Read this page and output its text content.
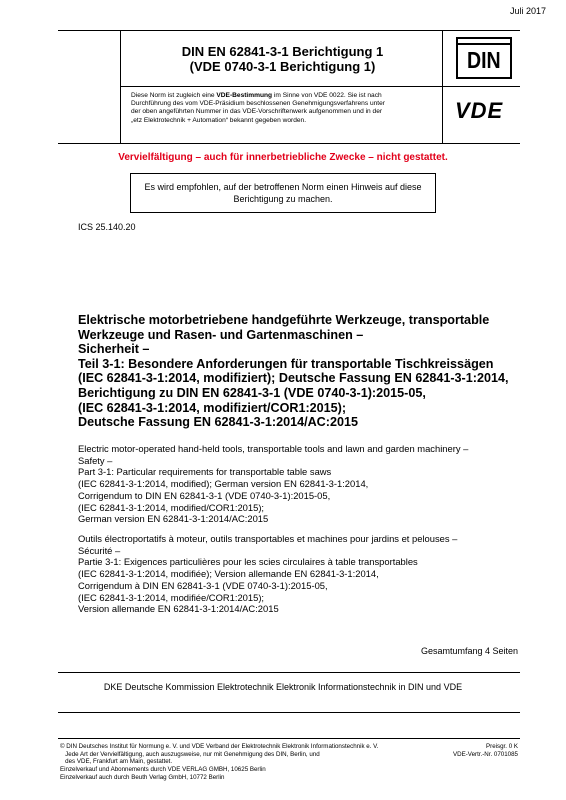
Juli 2017
DIN EN 62841-3-1 Berichtigung 1
(VDE 0740-3-1 Berichtigung 1)	DIN
Diese Norm ist zugleich eine VDE-Bestimmung im Sinne von VDE 0022. Sie ist nach
Durchführung des vom VDE-Präsidium beschlossenen Genehmigungsverfahrens unter
der oben angeführten Nummer in das VDE-Vorschriftenwerk aufgenommen und in der
„etz Elektrotechnik + Automation“ bekannt gegeben worden.	VDE
Vervielfältigung – auch für innerbetriebliche Zwecke – nicht gestattet.
Es wird empfohlen, auf der betroffenen Norm einen Hinweis auf diese
Berichtigung zu machen.
ICS 25.140.20
Elektrische motorbetriebene handgeführte Werkzeuge, transportable
Werkzeuge und Rasen- und Gartenmaschinen –
Sicherheit –
Teil 3-1: Besondere Anforderungen für transportable Tischkreissägen
(IEC 62841-3-1:2014, modifiziert); Deutsche Fassung EN 62841-3-1:2014,
Berichtigung zu DIN EN 62841-3-1 (VDE 0740-3-1):2015-05,
(IEC 62841-3-1:2014, modifiziert/COR1:2015);
Deutsche Fassung EN 62841-3-1:2014/AC:2015
Electric motor-operated hand-held tools, transportable tools and lawn and garden machinery –
Safety –
Part 3-1: Particular requirements for transportable table saws
(IEC 62841-3-1:2014, modified); German version EN 62841-3-1:2014,
Corrigendum to DIN EN 62841-3-1 (VDE 0740-3-1):2015-05,
(IEC 62841-3-1:2014, modified/COR1:2015);
German version EN 62841-3-1:2014/AC:2015
Outils électroportatifs à moteur, outils transportables et machines pour jardins et pelouses –
Sécurité –
Partie 3-1: Exigences particulières pour les scies circulaires à table transportables
(IEC 62841-3-1:2014, modifiée); Version allemande EN 62841-3-1:2014,
Corrigendum à DIN EN 62841-3-1 (VDE 0740-3-1):2015-05,
(IEC 62841-3-1:2014, modifiée/COR1:2015);
Version allemande EN 62841-3-1:2014/AC:2015
Gesamtumfang 4 Seiten
DKE Deutsche Kommission Elektrotechnik Elektronik Informationstechnik in DIN und VDE
© DIN Deutsches Institut für Normung e. V. und VDE Verband der Elektrotechnik Elektronik Informationstechnik e. V.
Jede Art der Vervielfältigung, auch auszugsweise, nur mit Genehmigung des DIN, Berlin, und
des VDE, Frankfurt am Main, gestattet.
Einzelverkauf und Abonnements durch VDE VERLAG GMBH, 10625 Berlin
Einzelverkauf auch durch Beuth Verlag GmbH, 10772 Berlin
Preisgr. 0 K
VDE-Vertr.-Nr. 0701085
